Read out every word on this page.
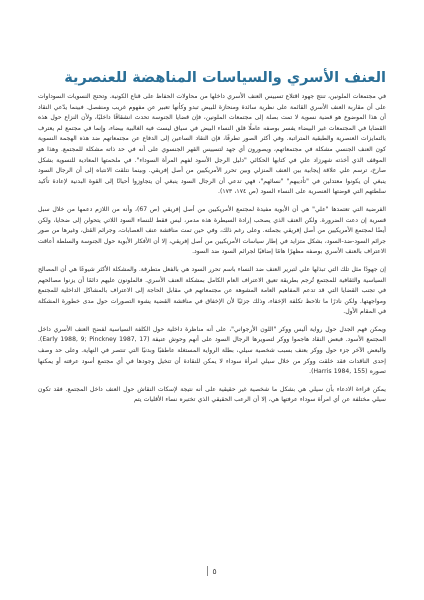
العنف الأسري والسياسات المناهضة للعنصرية

في مجتمعات الملونين، تنتج جهود اقتلاع تسييس العنف الأسري داخلها من محاولات الحفاظ على قناع الكونية. وتحتج النسويات السوداوات على أن مقاربة العنف الأسري القائمة على نظرية سائدة ومنحازة للبيض تبدو وكأنها تعبير عن مفهوم غريب ومنفصل. فبينما يدّعي النقاد أن هذا الموضوع هو قضية نسوية لا تمت بصلة إلى مجتمعات الملونين، فإن قضايا الجنوسة تحدث انشقاقًا داخليًا، ولأن النزاع حول هذه القضايا في المجتمعات غير البيضاء يفسر بوصفه عاملًا قلق النساء البيض في سياق ليست فيه الغالبية بيضاء، وإنما في مجتمع لم يعترف بالتمايزات العنصرية والطبقية المتراتبة. وفي أكثر الصور تطرفًا، فإن النقاد الساعين إلى الدفاع عن مجتمعاتهم ضد هذه الهجمة النسوية كون العنف الجنسي مشكلة في مجتمعاتهم، ويصورون أي جهد لتسييس القهر الجنسوي على أنه في حد ذاته مشكلة للمجتمع. وهذا هو الموقف الذي أخذته شهرزاد علي في كتابها الحكائي "دليل الرجل الأسود لفهم المرأة السوداء". في ملحمتها المعادية للنسوية بشكل صارخ، ترسم علي علاقة إيجابية بين العنف المنزلي وبين تحرر الأمريكيين من أصل إفريقي. وبينما نتلقت الانتباه إلى أن الرجال السود ينبغي أن يكونوا معتدلين في "تأديبهم" "نسائهم"، فهي تدعي أن الرجال السود ينبغي أن يتجاوزوا أحيانًا إلى القوة البدنية لإعادة تأكيد سلطتهم التي قوضتها العنصرية على النساء السود (ص ١٧٤، ١٧٣).

الفرضية التي تعتمدها "علي" هي أن الأبوية مفيدة لمجتمع الأمريكيين من أصل إفريقي (ص 67)، وأنه من اللازم دعمها من خلال سبل قسرية إن دعت الضرورة. ولكن العنف الذي يصحب إرادة السيطرة هذه مدمر، ليس فقط للنساء السود اللاتي يتحولن إلى ضحايا، ولكن أيضًا لمجتمع الأمريكيين من أصل إفريقي بجملته. وعلى رغم ذلك، وفي حين تمت مناقشة عنف العصابات، وجرائم القتل، وغيرها من صور جرائم السود-ضد-السود، بشكل متزايد في إطار سياسات الأمريكيين من أصل إفريقي، إلا أن الأفكار الأبوية حول الجنوسة والسلطة أعاقت الاعتراف بالعنف الأسري بوصفه مظهرًا هامًا إضافيًا لجرائم السود ضد السود.

إن جهودًا مثل تلك التي تبذلها علي لتبرير العنف ضد النساء باسم تحرر السود هي بالفعل متطرفة. والمشكلة الأكثر شيوعًا هي أن المصالح السياسية والثقافية للمجتمع تُرجم بطريقة تعيق الاعتراف العام الكامل بمشكلة العنف الأسري. فالملونون عليهم دائمًا أن يزنوا مصالحهم في تجنب القضايا التي قد تدعم المفاهيم العامة المشوهة عن مجتمعاتهم في مقابل الحاجة إلى الاعتراف بالمشاكل الداخلية للمجتمع ومواجهتها. ولكن نادرًا ما تلاحظ تكلفة الإخفاء، وذلك جزئيًا لأن الإخفاق في مناقشة القضية يشوه التصورات حول مدى خطورة المشكلة في المقام الأول.

ويمكن فهم الجدل حول رواية أليس ووكر "اللون الأرجواني"، على أنه مناظرة داخلية حول الكلفة السياسية لفضح العنف الأسري داخل المجتمع الأسود. فبعض النقاد هاجموا ووكر لتصويرها الرجال السود على أنهم وحوش عنيفة (Early 1988, 9; Pinckney 1987, 17). والبعض الآخر جزء حول ووكر بعنف بسبب شخصية سيلي، بطلة الرواية المستغلة عاطفيًا وبدنيًا التي تنتصر في النهاية. وعلى حد وصف إحدى الناقدات فقد خلقت ووكر من خلال سيلي امرأة سوداء لا يمكن للنقادة أن تتخيل وجودها في أي مجتمع أسود عرفته أو يمكنها تصوره (Harris 1984, 155).

يمكن قراءة الادعاء بأن سيلي هي بشكل ما شخصية غير حقيقية على أنه نتيجة لإسكات النقاش حول العنف داخل المجتمع. فقد تكون سيلي مختلفة عن أي امرأة سوداء عرفتها هي، إلا أن الرعب الحقيقي الذي تختبره نساء الأقليات يتم

٥
